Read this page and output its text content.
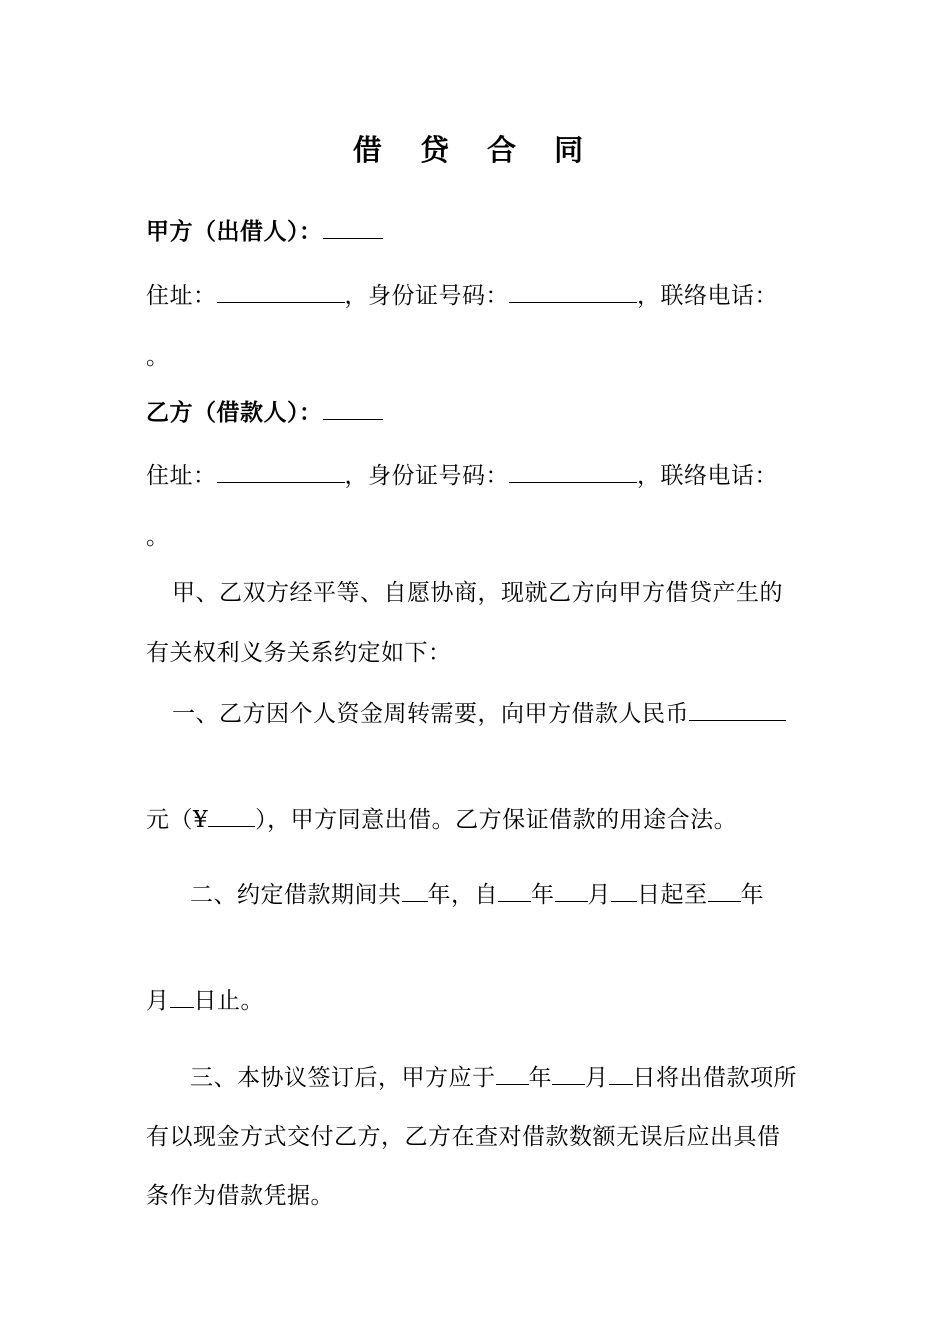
借 贷 合 同
甲方（出借人）：
住址：	，身份证号码：	，联络电话：
。
乙方（借款人）：
住址：	，身份证号码：	，联络电话：
。
甲、乙双方经平等、自愿协商，现就乙方向甲方借贷产生的
有关权利义务关系约定如下：
一、乙方因个人资金周转需要，向甲方借款人民币
元（¥ ），甲方同意出借。乙方保证借款的用途合法。
二、约定借款期间共 年，自 年 月 日起至 年
月 日止。
三、本协议签订后，甲方应于 年 月 日将出借款项所
有以现金方式交付乙方，乙方在查对借款数额无误后应出具借
条作为借款凭据。
